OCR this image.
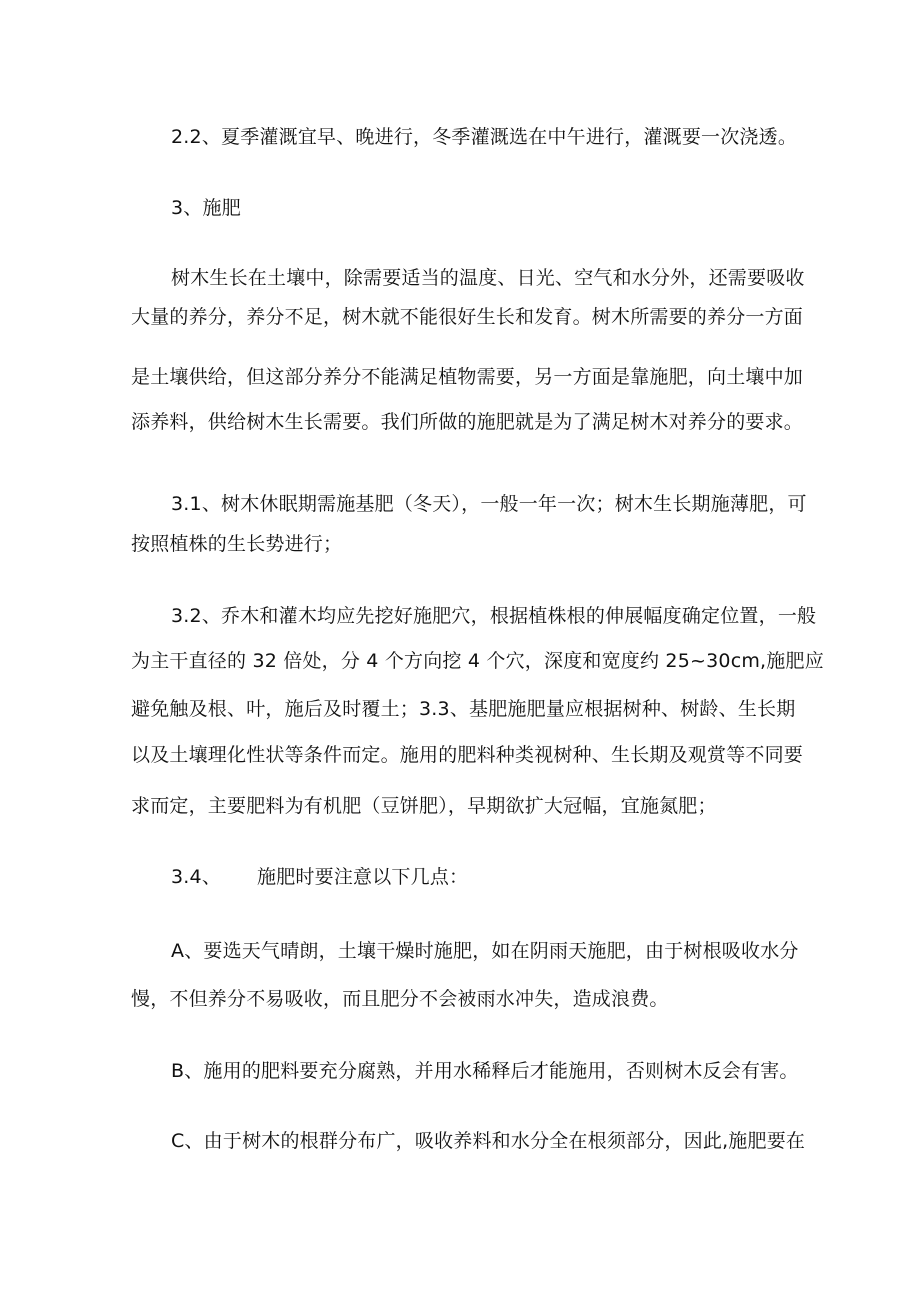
2.2、夏季灌溉宜早、晚进行，冬季灌溉选在中午进行，灌溉要一次浇透。
3、施肥
树木生长在土壤中，除需要适当的温度、日光、空气和水分外，还需要吸收
大量的养分，养分不足，树木就不能很好生长和发育。树木所需要的养分一方面
是土壤供给，但这部分养分不能满足植物需要，另一方面是靠施肥，向土壤中加
添养料，供给树木生长需要。我们所做的施肥就是为了满足树木对养分的要求。
3.1、树木休眠期需施基肥（冬天），一般一年一次；树木生长期施薄肥，可
按照植株的生长势进行；
3.2、乔木和灌木均应先挖好施肥穴，根据植株根的伸展幅度确定位置，一般
为主干直径的 32 倍处，分 4 个方向挖 4 个穴，深度和宽度约 25~30cm,施肥应
避免触及根、叶，施后及时覆土；3.3、基肥施肥量应根据树种、树龄、生长期
以及土壤理化性状等条件而定。施用的肥料种类视树种、生长期及观赏等不同要
求而定，主要肥料为有机肥（豆饼肥），早期欲扩大冠幅，宜施氮肥；
3.4、 施肥时要注意以下几点：
A、要选天气晴朗，土壤干燥时施肥，如在阴雨天施肥，由于树根吸收水分
慢，不但养分不易吸收，而且肥分不会被雨水冲失，造成浪费。
B、施用的肥料要充分腐熟，并用水稀释后才能施用，否则树木反会有害。
C、由于树木的根群分布广，吸收养料和水分全在根须部分，因此,施肥要在
